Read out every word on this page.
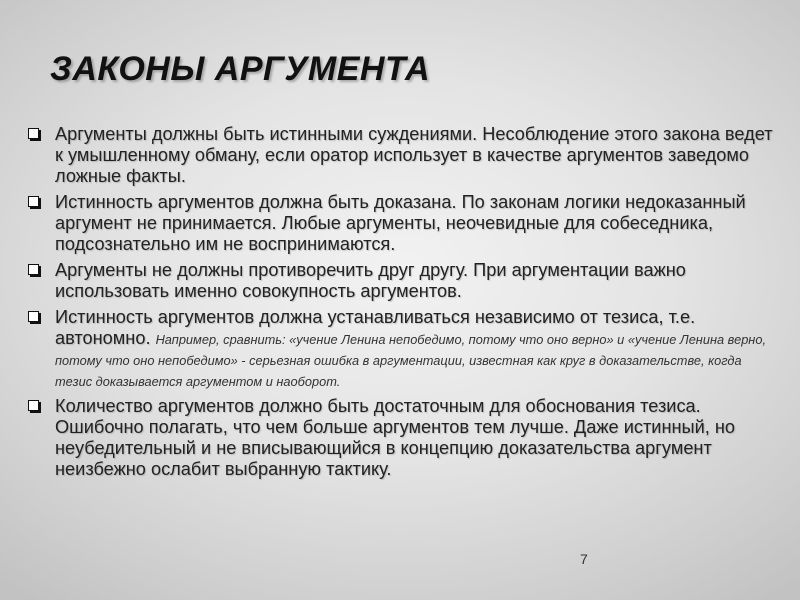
ЗАКОНЫ АРГУМЕНТА
Аргументы должны быть истинными суждениями. Несоблюдение этого закона ведет к умышленному обману, если оратор использует в качестве аргументов заведомо ложные факты.
Истинность аргументов должна быть доказана. По законам логики недоказанный аргумент не принимается. Любые аргументы, неочевидные для собеседника, подсознательно им не воспринимаются.
Аргументы не должны противоречить друг другу. При аргументации важно использовать именно совокупность аргументов.
Истинность аргументов должна устанавливаться независимо от тезиса, т.е. автономно. Например, сравнить: «учение Ленина непобедимо, потому что оно верно» и «учение Ленина верно, потому что оно непобедимо» - серьезная ошибка в аргументации, известная как круг в доказательстве, когда тезис доказывается аргументом и наоборот.
Количество аргументов должно быть достаточным для обоснования тезиса. Ошибочно полагать, что чем больше аргументов тем лучше. Даже истинный, но неубедительный и не вписывающийся в концепцию доказательства аргумент неизбежно ослабит выбранную тактику.
7
